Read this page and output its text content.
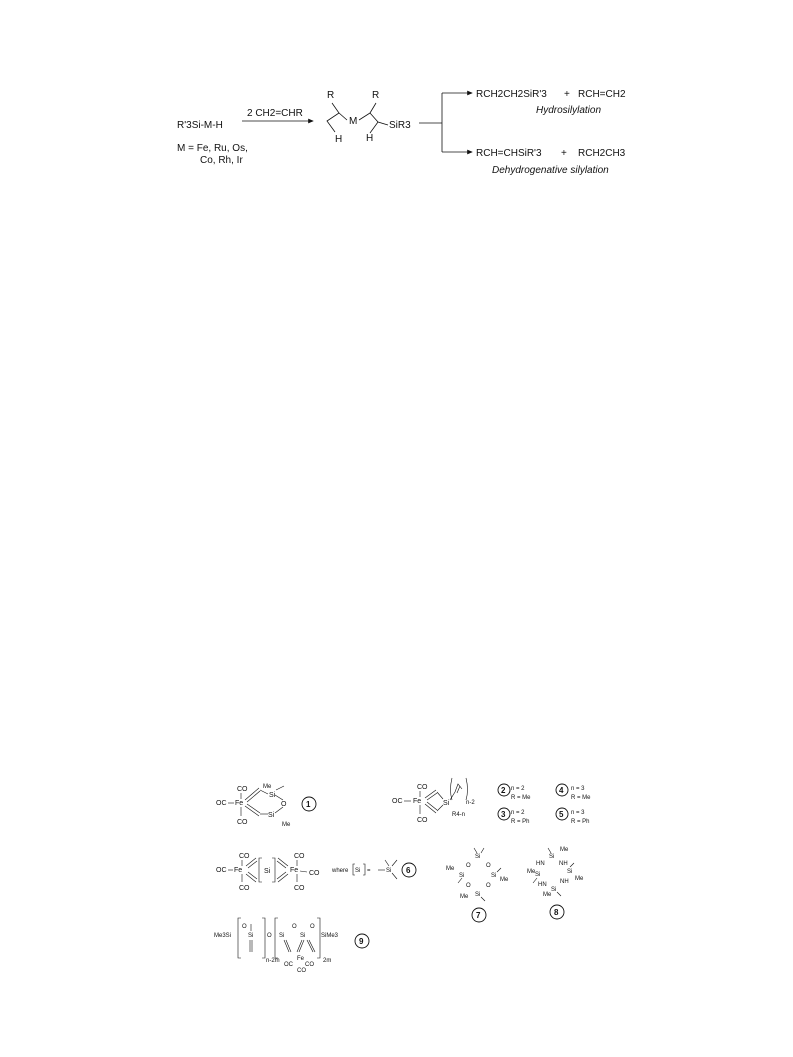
R'3Si-M-H
M = Fe, Ru, Os,
Co, Rh, Ir
2 CH2=CHR
R	R
M
H H
SiR3
RCH2CH2SiR'3 + RCH=CH2
Hydrosilylation
RCH=CHSiR'3 + RCH2CH3
Dehydrogenative silylation
CO
OC Fe
CO
Me
Si
O
Si
Me
1
CO
OC Fe
CO
Si	n-2
R4-n
2 n = 2
R = Me
3 n = 2
R = Ph
4 n = 3
R = Me
5 n = 3
R = Ph
CO
OC Fe
CO
Si
CO
Fe CO
CO
where Si =	Si 6
Si
O	O
Si	Si
O	O
Si
Me
Me
Me
7
Si
HN NH
Si	Si
HN NH
Si
Me
Me
Me
Me
8
Me3Si
O
Si
n-2m
O Si
O
Si
O
SiMe3
2m
Fe
OC CO
CO
9
